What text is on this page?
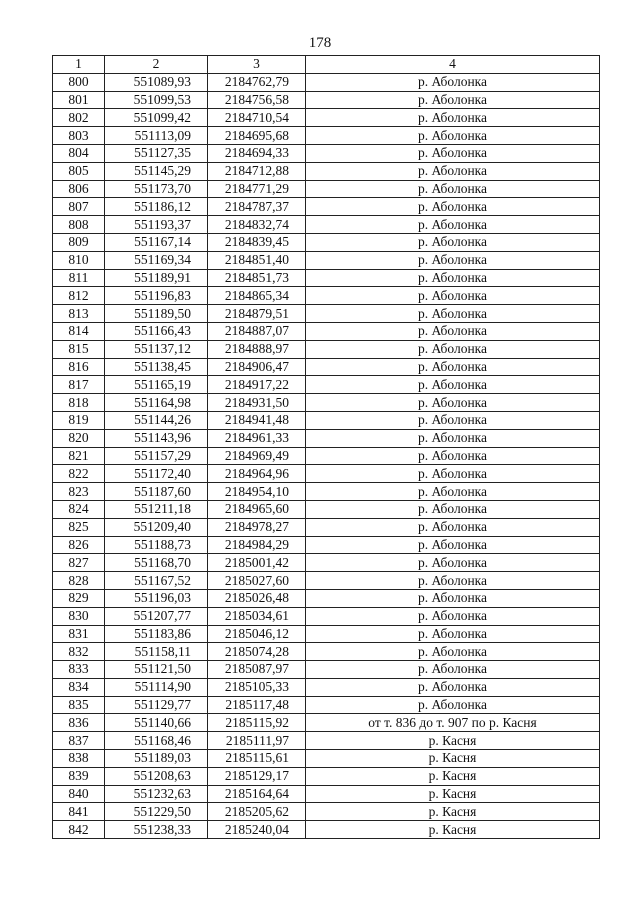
178
1	2	3	4
800	551089,93	2184762,79	р. Аболонка
801	551099,53	2184756,58	р. Аболонка
802	551099,42	2184710,54	р. Аболонка
803	551113,09	2184695,68	р. Аболонка
804	551127,35	2184694,33	р. Аболонка
805	551145,29	2184712,88	р. Аболонка
806	551173,70	2184771,29	р. Аболонка
807	551186,12	2184787,37	р. Аболонка
808	551193,37	2184832,74	р. Аболонка
809	551167,14	2184839,45	р. Аболонка
810	551169,34	2184851,40	р. Аболонка
811	551189,91	2184851,73	р. Аболонка
812	551196,83	2184865,34	р. Аболонка
813	551189,50	2184879,51	р. Аболонка
814	551166,43	2184887,07	р. Аболонка
815	551137,12	2184888,97	р. Аболонка
816	551138,45	2184906,47	р. Аболонка
817	551165,19	2184917,22	р. Аболонка
818	551164,98	2184931,50	р. Аболонка
819	551144,26	2184941,48	р. Аболонка
820	551143,96	2184961,33	р. Аболонка
821	551157,29	2184969,49	р. Аболонка
822	551172,40	2184964,96	р. Аболонка
823	551187,60	2184954,10	р. Аболонка
824	551211,18	2184965,60	р. Аболонка
825	551209,40	2184978,27	р. Аболонка
826	551188,73	2184984,29	р. Аболонка
827	551168,70	2185001,42	р. Аболонка
828	551167,52	2185027,60	р. Аболонка
829	551196,03	2185026,48	р. Аболонка
830	551207,77	2185034,61	р. Аболонка
831	551183,86	2185046,12	р. Аболонка
832	551158,11	2185074,28	р. Аболонка
833	551121,50	2185087,97	р. Аболонка
834	551114,90	2185105,33	р. Аболонка
835	551129,77	2185117,48	р. Аболонка
836	551140,66	2185115,92	от т. 836 до т. 907 по р. Касня
837	551168,46	2185111,97	р. Касня
838	551189,03	2185115,61	р. Касня
839	551208,63	2185129,17	р. Касня
840	551232,63	2185164,64	р. Касня
841	551229,50	2185205,62	р. Касня
842	551238,33	2185240,04	р. Касня
